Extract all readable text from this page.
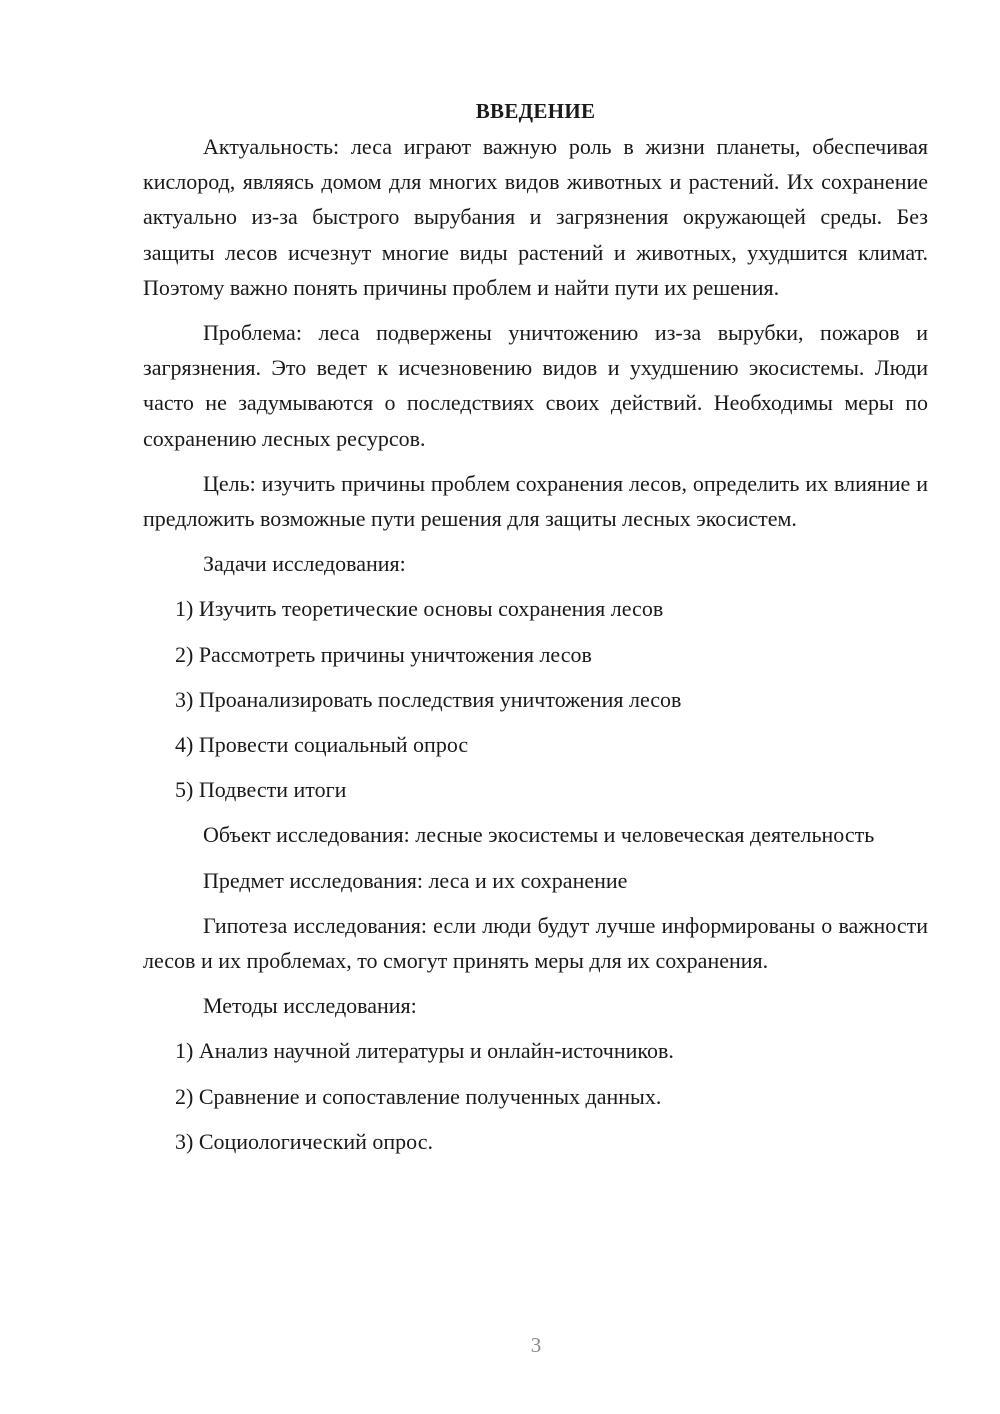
ВВЕДЕНИЕ

Актуальность: леса играют важную роль в жизни планеты, обеспечивая кислород, являясь домом для многих видов животных и растений. Их сохранение актуально из-за быстрого вырубания и загрязнения окружающей среды. Без защиты лесов исчезнут многие виды растений и животных, ухудшится климат. Поэтому важно понять причины проблем и найти пути их решения.

Проблема: леса подвержены уничтожению из-за вырубки, пожаров и загрязнения. Это ведет к исчезновению видов и ухудшению экосистемы. Люди часто не задумываются о последствиях своих действий. Необходимы меры по сохранению лесных ресурсов.

Цель: изучить причины проблем сохранения лесов, определить их влияние и предложить возможные пути решения для защиты лесных экосистем.

Задачи исследования:

1) Изучить теоретические основы сохранения лесов
2) Рассмотреть причины уничтожения лесов
3) Проанализировать последствия уничтожения лесов
4) Провести социальный опрос
5) Подвести итоги

Объект исследования: лесные экосистемы и человеческая деятельность

Предмет исследования: леса и их сохранение

Гипотеза исследования: если люди будут лучше информированы о важности лесов и их проблемах, то смогут принять меры для их сохранения.

Методы исследования:

1) Анализ научной литературы и онлайн-источников.
2) Сравнение и сопоставление полученных данных.
3) Социологический опрос.
3
